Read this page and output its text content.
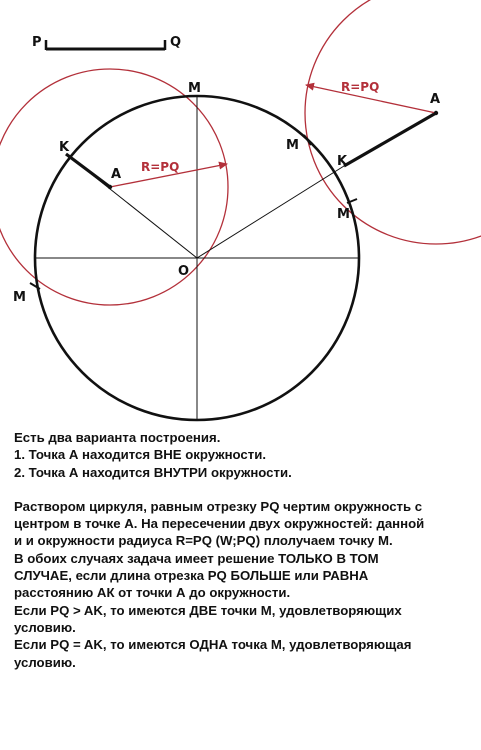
P	Q
O
M
M
M
M
K
K
A
A
R=PQ
R=PQ
Есть два варианта построения.
1. Точка А находится ВНЕ окружности.
2. Точка А находится ВНУТРИ окружности.
Раствором циркуля, равным отрезку PQ чертим окружность с
центром в точке А. На пересечении двух окружностей: данной
и и окружности радиуса R=PQ (W;PQ) плолучаем точку М.
В обоих случаях задача имеет решение ТОЛЬКО В ТОМ
СЛУЧАЕ, если длина отрезка PQ БОЛЬШЕ или РАВНА
расстоянию АК от точки А до окружности.
Если PQ > AK, то имеются ДВЕ точки М, удовлетворяющих
условию.
Если PQ = AK, то имеются ОДНА точка М, удовлетворяющая
условию.
